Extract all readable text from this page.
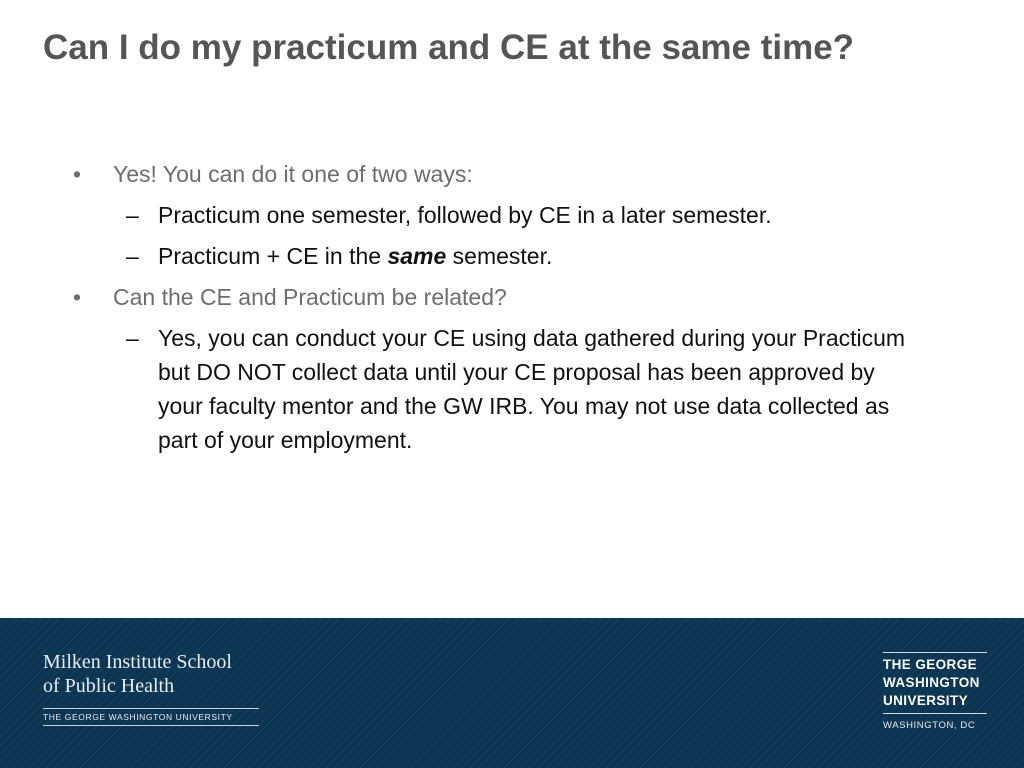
Can I do my practicum and CE at the same time?
• Yes! You can do it one of two ways:
– Practicum one semester, followed by CE in a later semester.
– Practicum + CE in the same semester.
• Can the CE and Practicum be related?
– Yes, you can conduct your CE using data gathered during your Practicum but DO NOT collect data until your CE proposal has been approved by your faculty mentor and the GW IRB. You may not use data collected as part of your employment.
Milken Institute School
of Public Health
THE GEORGE WASHINGTON UNIVERSITY
THE GEORGE
WASHINGTON
UNIVERSITY
WASHINGTON, DC
